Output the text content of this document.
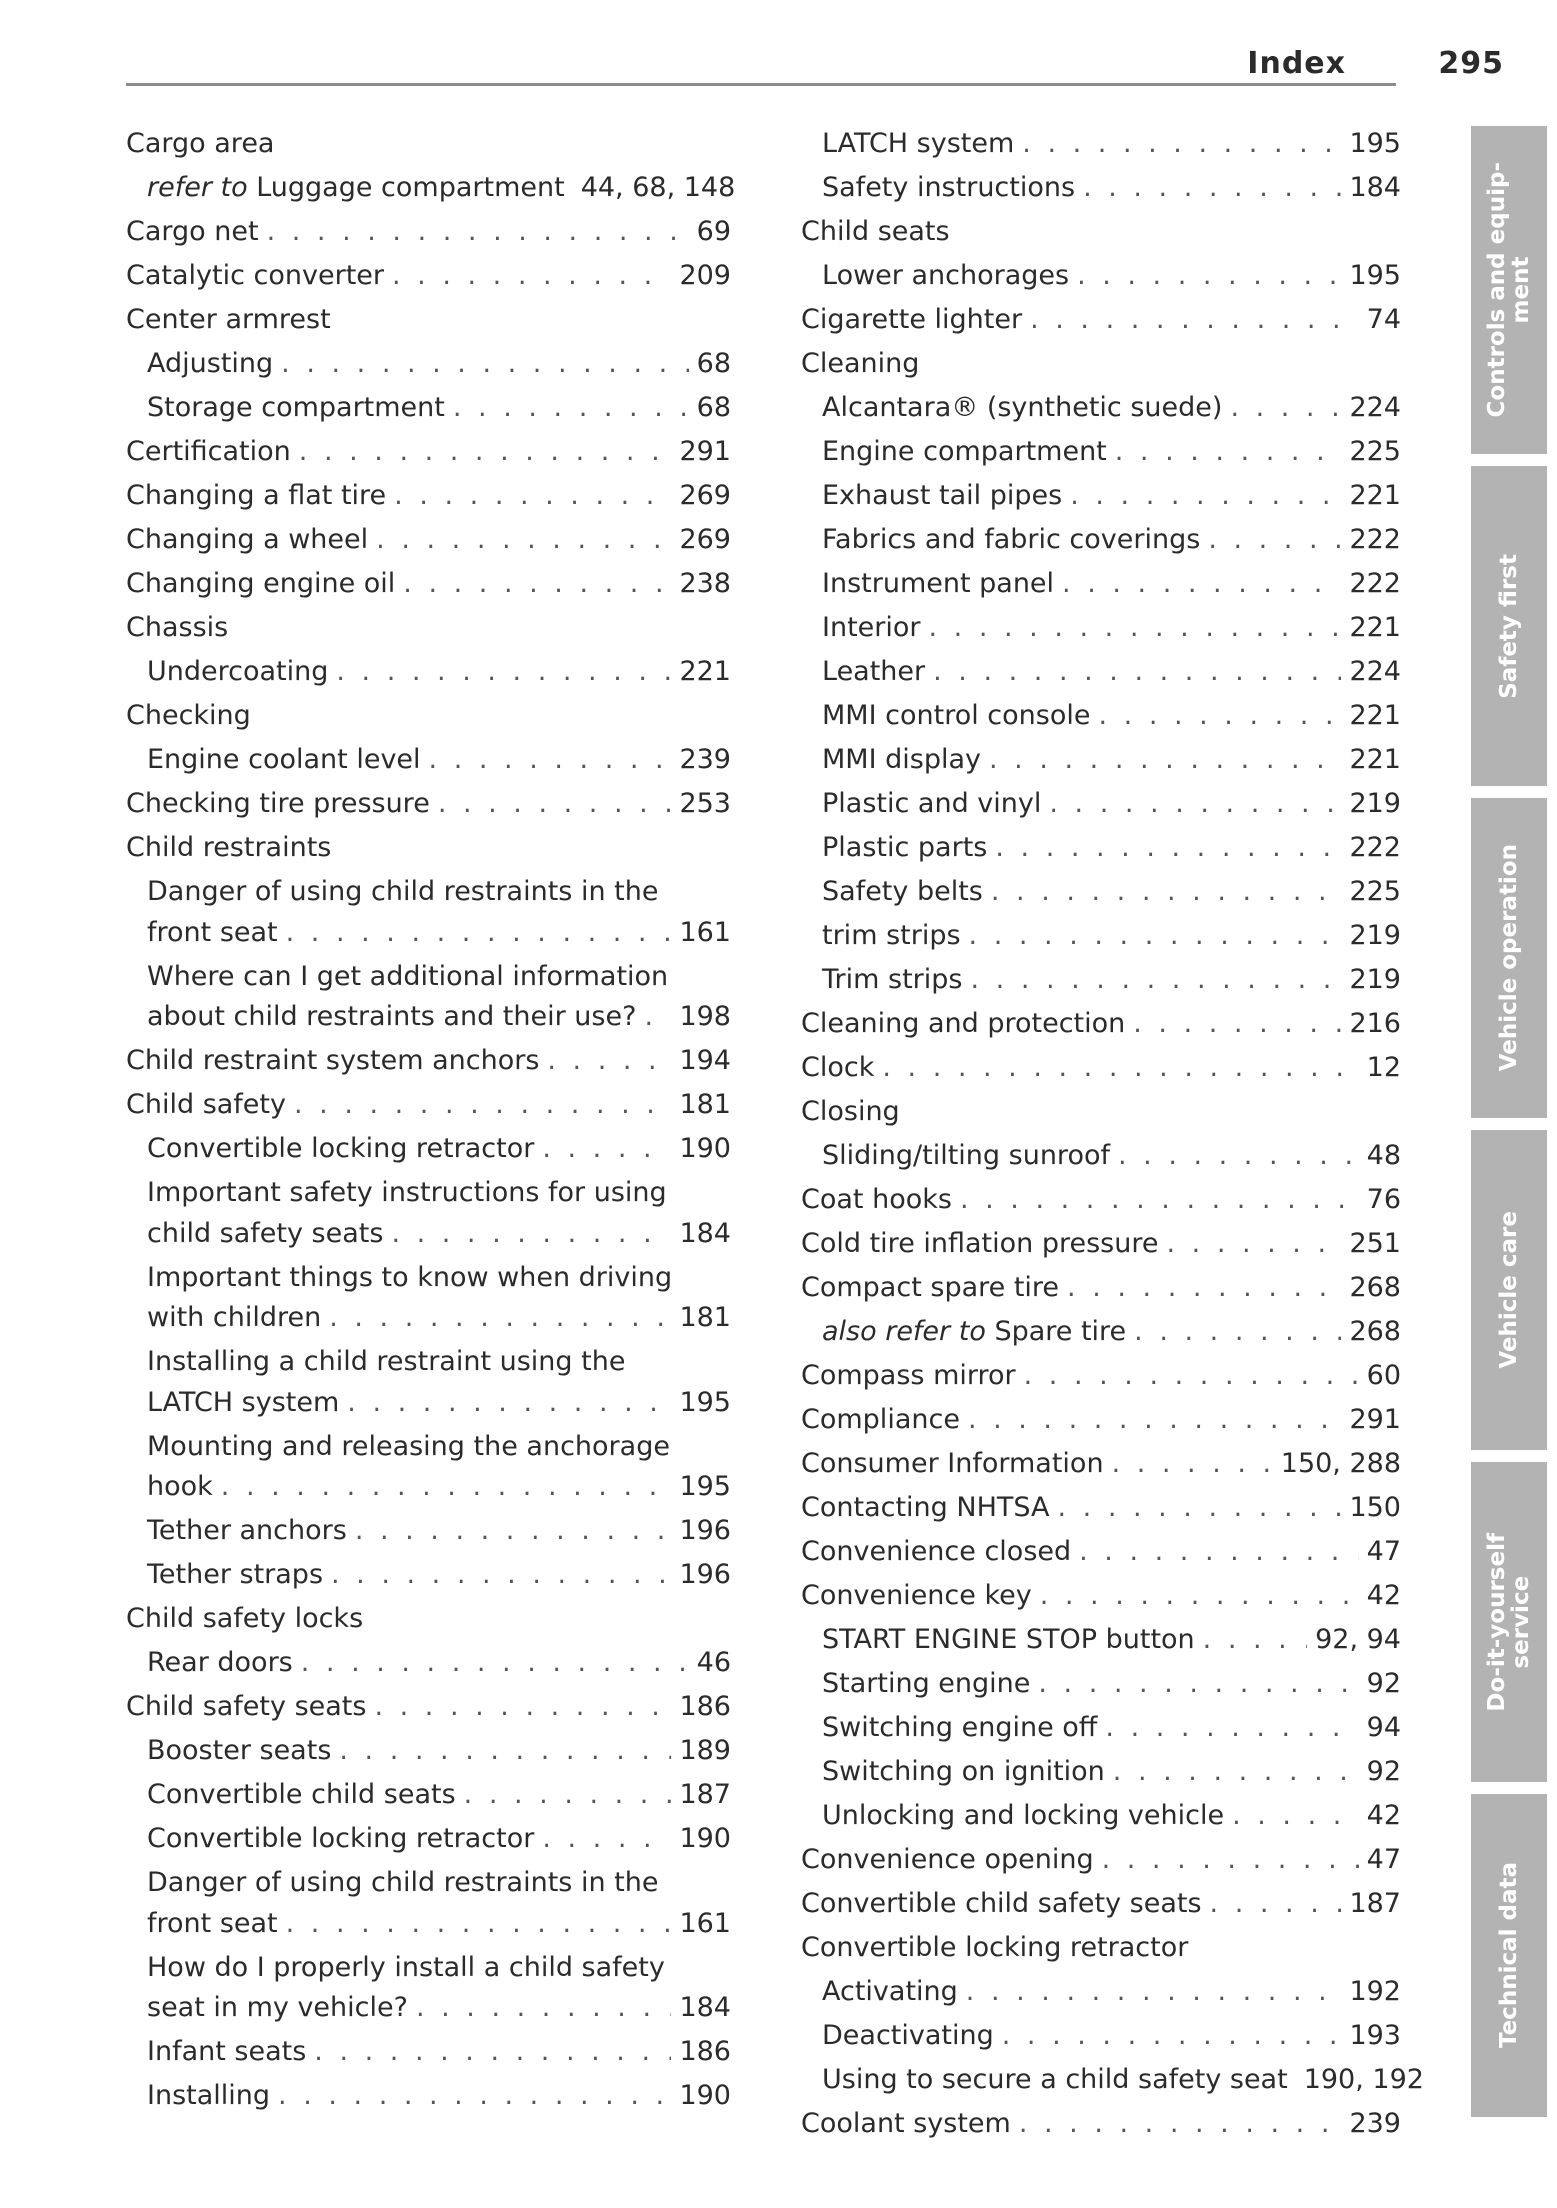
Index	295
Cargo area
refer to Luggage compartment 44, 68, 148
Cargo net . . .	69
Catalytic converter . . .	209
Center armrest
Adjusting . . .	68
Storage compartment . . .	68
Certification . . .	291
Changing a flat tire . . .	269
Changing a wheel . . .	269
Changing engine oil . . .	238
Chassis
Undercoating . . .	221
Checking
Engine coolant level . . .	239
Checking tire pressure . . .	253
Child restraints
Danger of using child restraints in the
front seat . . .	161
Where can I get additional information
about child restraints and their use? . . . 198
Child restraint system anchors . . .	194
Child safety . . .	181
Convertible locking retractor . . .	190
Important safety instructions for using
child safety seats . . .	184
Important things to know when driving
with children . . .	181
Installing a child restraint using the
LATCH system . . .	195
Mounting and releasing the anchorage
hook . . .	195
Tether anchors . . .	196
Tether straps . . .	196
Child safety locks
Rear doors . . .	46
Child safety seats . . .	186
Booster seats . . .	189
Convertible child seats . . .	187
Convertible locking retractor . . .	190
Danger of using child restraints in the
front seat . . .	161
How do I properly install a child safety
seat in my vehicle? . . .	184
Infant seats . . .	186
Installing . . .	190
LATCH system . . .	195
Safety instructions . . .	184
Child seats
Lower anchorages . . .	195
Cigarette lighter . . .	74
Cleaning
Alcantara® (synthetic suede) . . .	224
Engine compartment . . .	225
Exhaust tail pipes . . .	221
Fabrics and fabric coverings . . .	222
Instrument panel . . .	222
Interior . . .	221
Leather . . .	224
MMI control console . . .	221
MMI display . . .	221
Plastic and vinyl . . .	219
Plastic parts . . .	222
Safety belts . . .	225
trim strips . . .	219
Trim strips . . .	219
Cleaning and protection . . .	216
Clock . . .	12
Closing
Sliding/tilting sunroof . . .	48
Coat hooks . . .	76
Cold tire inflation pressure . . .	251
Compact spare tire . . .	268
also refer to Spare tire . . .	268
Compass mirror . . .	60
Compliance . . .	291
Consumer Information . . .	150, 288
Contacting NHTSA . . .	150
Convenience closed . . .	47
Convenience key . . .	42
START ENGINE STOP button . . .	92, 94
Starting engine . . .	92
Switching engine off . . .	94
Switching on ignition . . .	92
Unlocking and locking vehicle . . .	42
Convenience opening . . .	47
Convertible child safety seats . . .	187
Convertible locking retractor
Activating . . .	192
Deactivating . . .	193
Using to secure a child safety seat 190, 192
Coolant system . . .	239
Controls and equip-
ment
Safety first
Vehicle operation
Vehicle care
Do-it-yourself
service
Technical data
